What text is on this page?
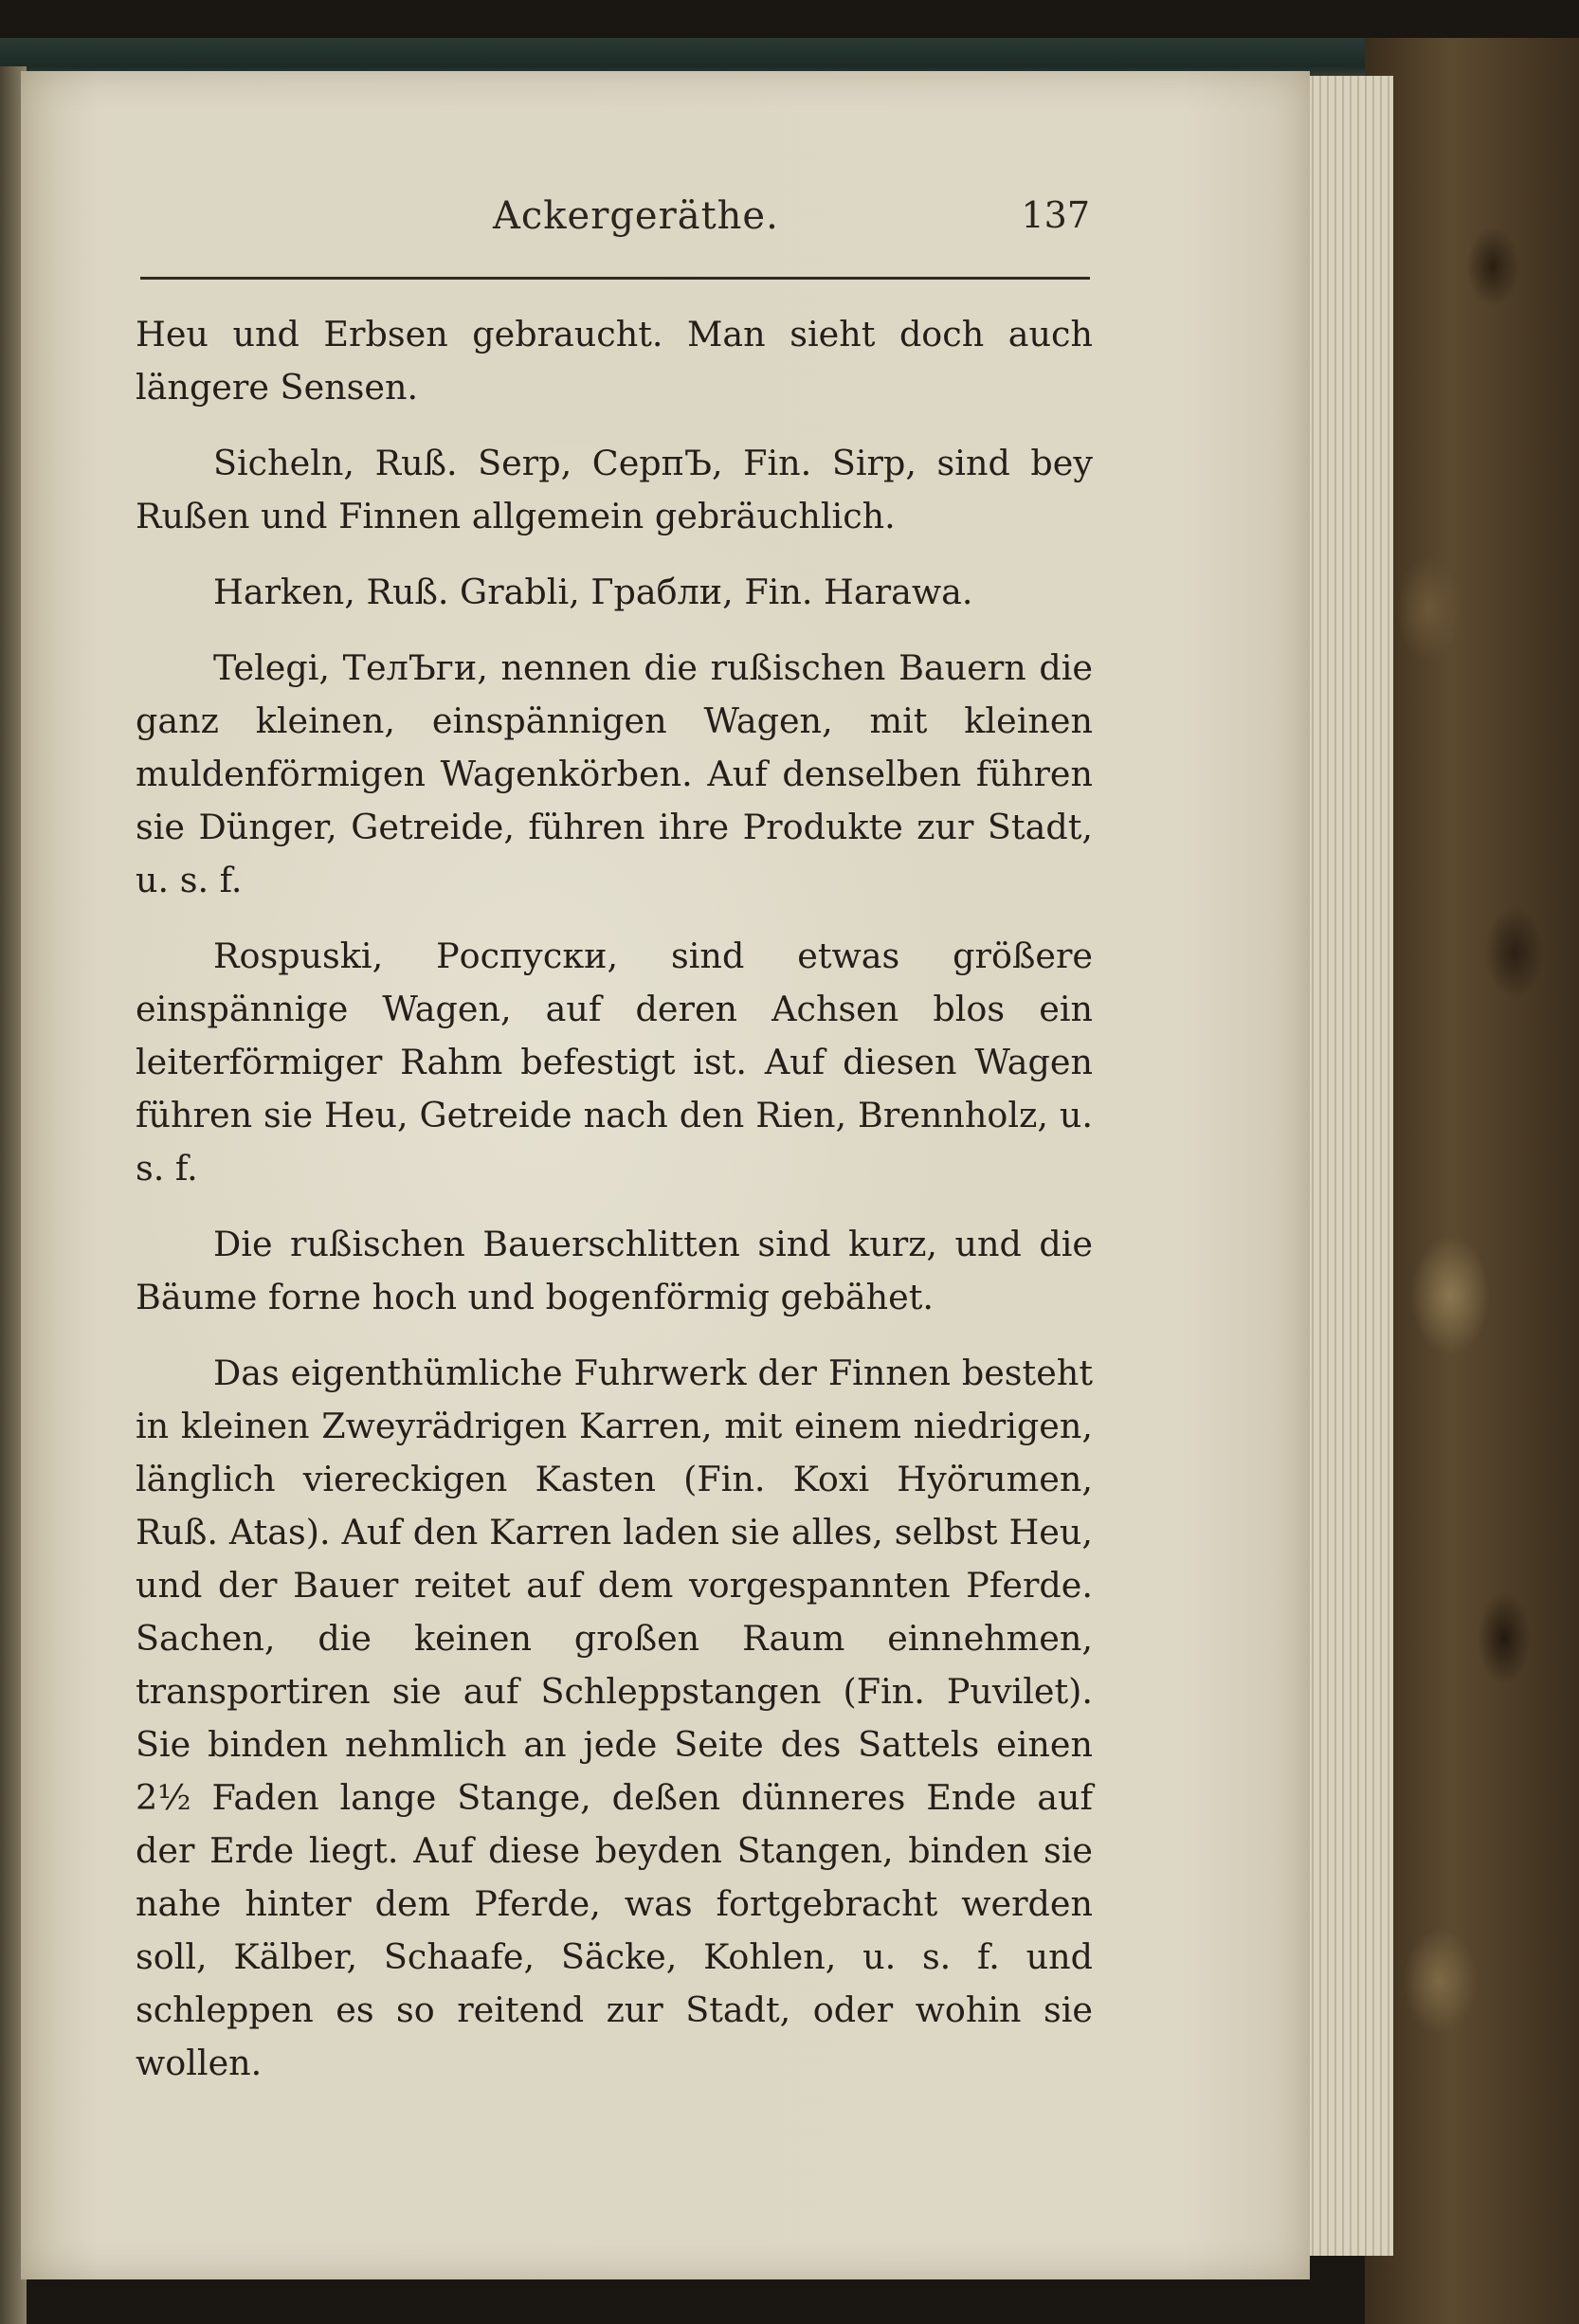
Ackergeräthe.	137

Heu und Erbsen gebraucht. Man sieht doch auch längere Sensen.

Sicheln, Ruß. Serp, СерпЪ, Fin. Sirp, sind bey Rußen und Finnen allgemein gebräuchlich.

Harken, Ruß. Grabli, Грабли, Fin. Harawa.

Telegi, ТелЪги, nennen die rußischen Bauern die ganz kleinen, einspännigen Wagen, mit kleinen muldenförmigen Wagenkörben. Auf denselben führen sie Dünger, Getreide, führen ihre Produkte zur Stadt, u. s. f.

Rospuski, Роспуски, sind etwas größere einspännige Wagen, auf deren Achsen blos ein leiterförmiger Rahm befestigt ist. Auf diesen Wagen führen sie Heu, Getreide nach den Rien, Brennholz, u. s. f.

Die rußischen Bauerschlitten sind kurz, und die Bäume forne hoch und bogenförmig gebähet.

Das eigenthümliche Fuhrwerk der Finnen besteht in kleinen Zweyrädrigen Karren, mit einem niedrigen, länglich viereckigen Kasten (Fin. Koxi Hyörumen, Ruß. Atas). Auf den Karren laden sie alles, selbst Heu, und der Bauer reitet auf dem vorgespannten Pferde. Sachen, die keinen großen Raum einnehmen, transportiren sie auf Schleppstangen (Fin. Puvilet). Sie binden nehmlich an jede Seite des Sattels einen 2½ Faden lange Stange, deßen dünneres Ende auf der Erde liegt. Auf diese beyden Stangen, binden sie nahe hinter dem Pferde, was fortgebracht werden soll, Kälber, Schaafe, Säcke, Kohlen, u. s. f. und schleppen es so reitend zur Stadt, oder wohin sie wollen.
